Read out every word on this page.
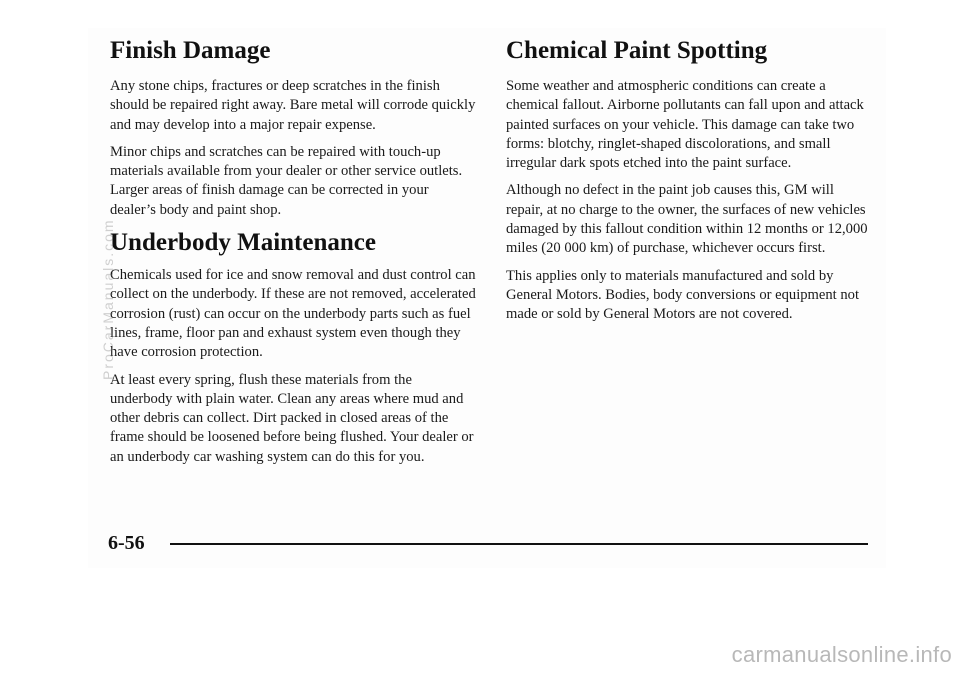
Finish Damage

Any stone chips, fractures or deep scratches in the finish should be repaired right away. Bare metal will corrode quickly and may develop into a major repair expense.

Minor chips and scratches can be repaired with touch-up materials available from your dealer or other service outlets. Larger areas of finish damage can be corrected in your dealer’s body and paint shop.

Underbody Maintenance

Chemicals used for ice and snow removal and dust control can collect on the underbody. If these are not removed, accelerated corrosion (rust) can occur on the underbody parts such as fuel lines, frame, floor pan and exhaust system even though they have corrosion protection.

At least every spring, flush these materials from the underbody with plain water. Clean any areas where mud and other debris can collect. Dirt packed in closed areas of the frame should be loosened before being flushed. Your dealer or an underbody car washing system can do this for you.

Chemical Paint Spotting

Some weather and atmospheric conditions can create a chemical fallout. Airborne pollutants can fall upon and attack painted surfaces on your vehicle. This damage can take two forms: blotchy, ringlet-shaped discolorations, and small irregular dark spots etched into the paint surface.

Although no defect in the paint job causes this, GM will repair, at no charge to the owner, the surfaces of new vehicles damaged by this fallout condition within 12 months or 12,000 miles (20 000 km) of purchase, whichever occurs first.

This applies only to materials manufactured and sold by General Motors. Bodies, body conversions or equipment not made or sold by General Motors are not covered.

6-56
ProCarManuals.com
carmanualsonline.info
